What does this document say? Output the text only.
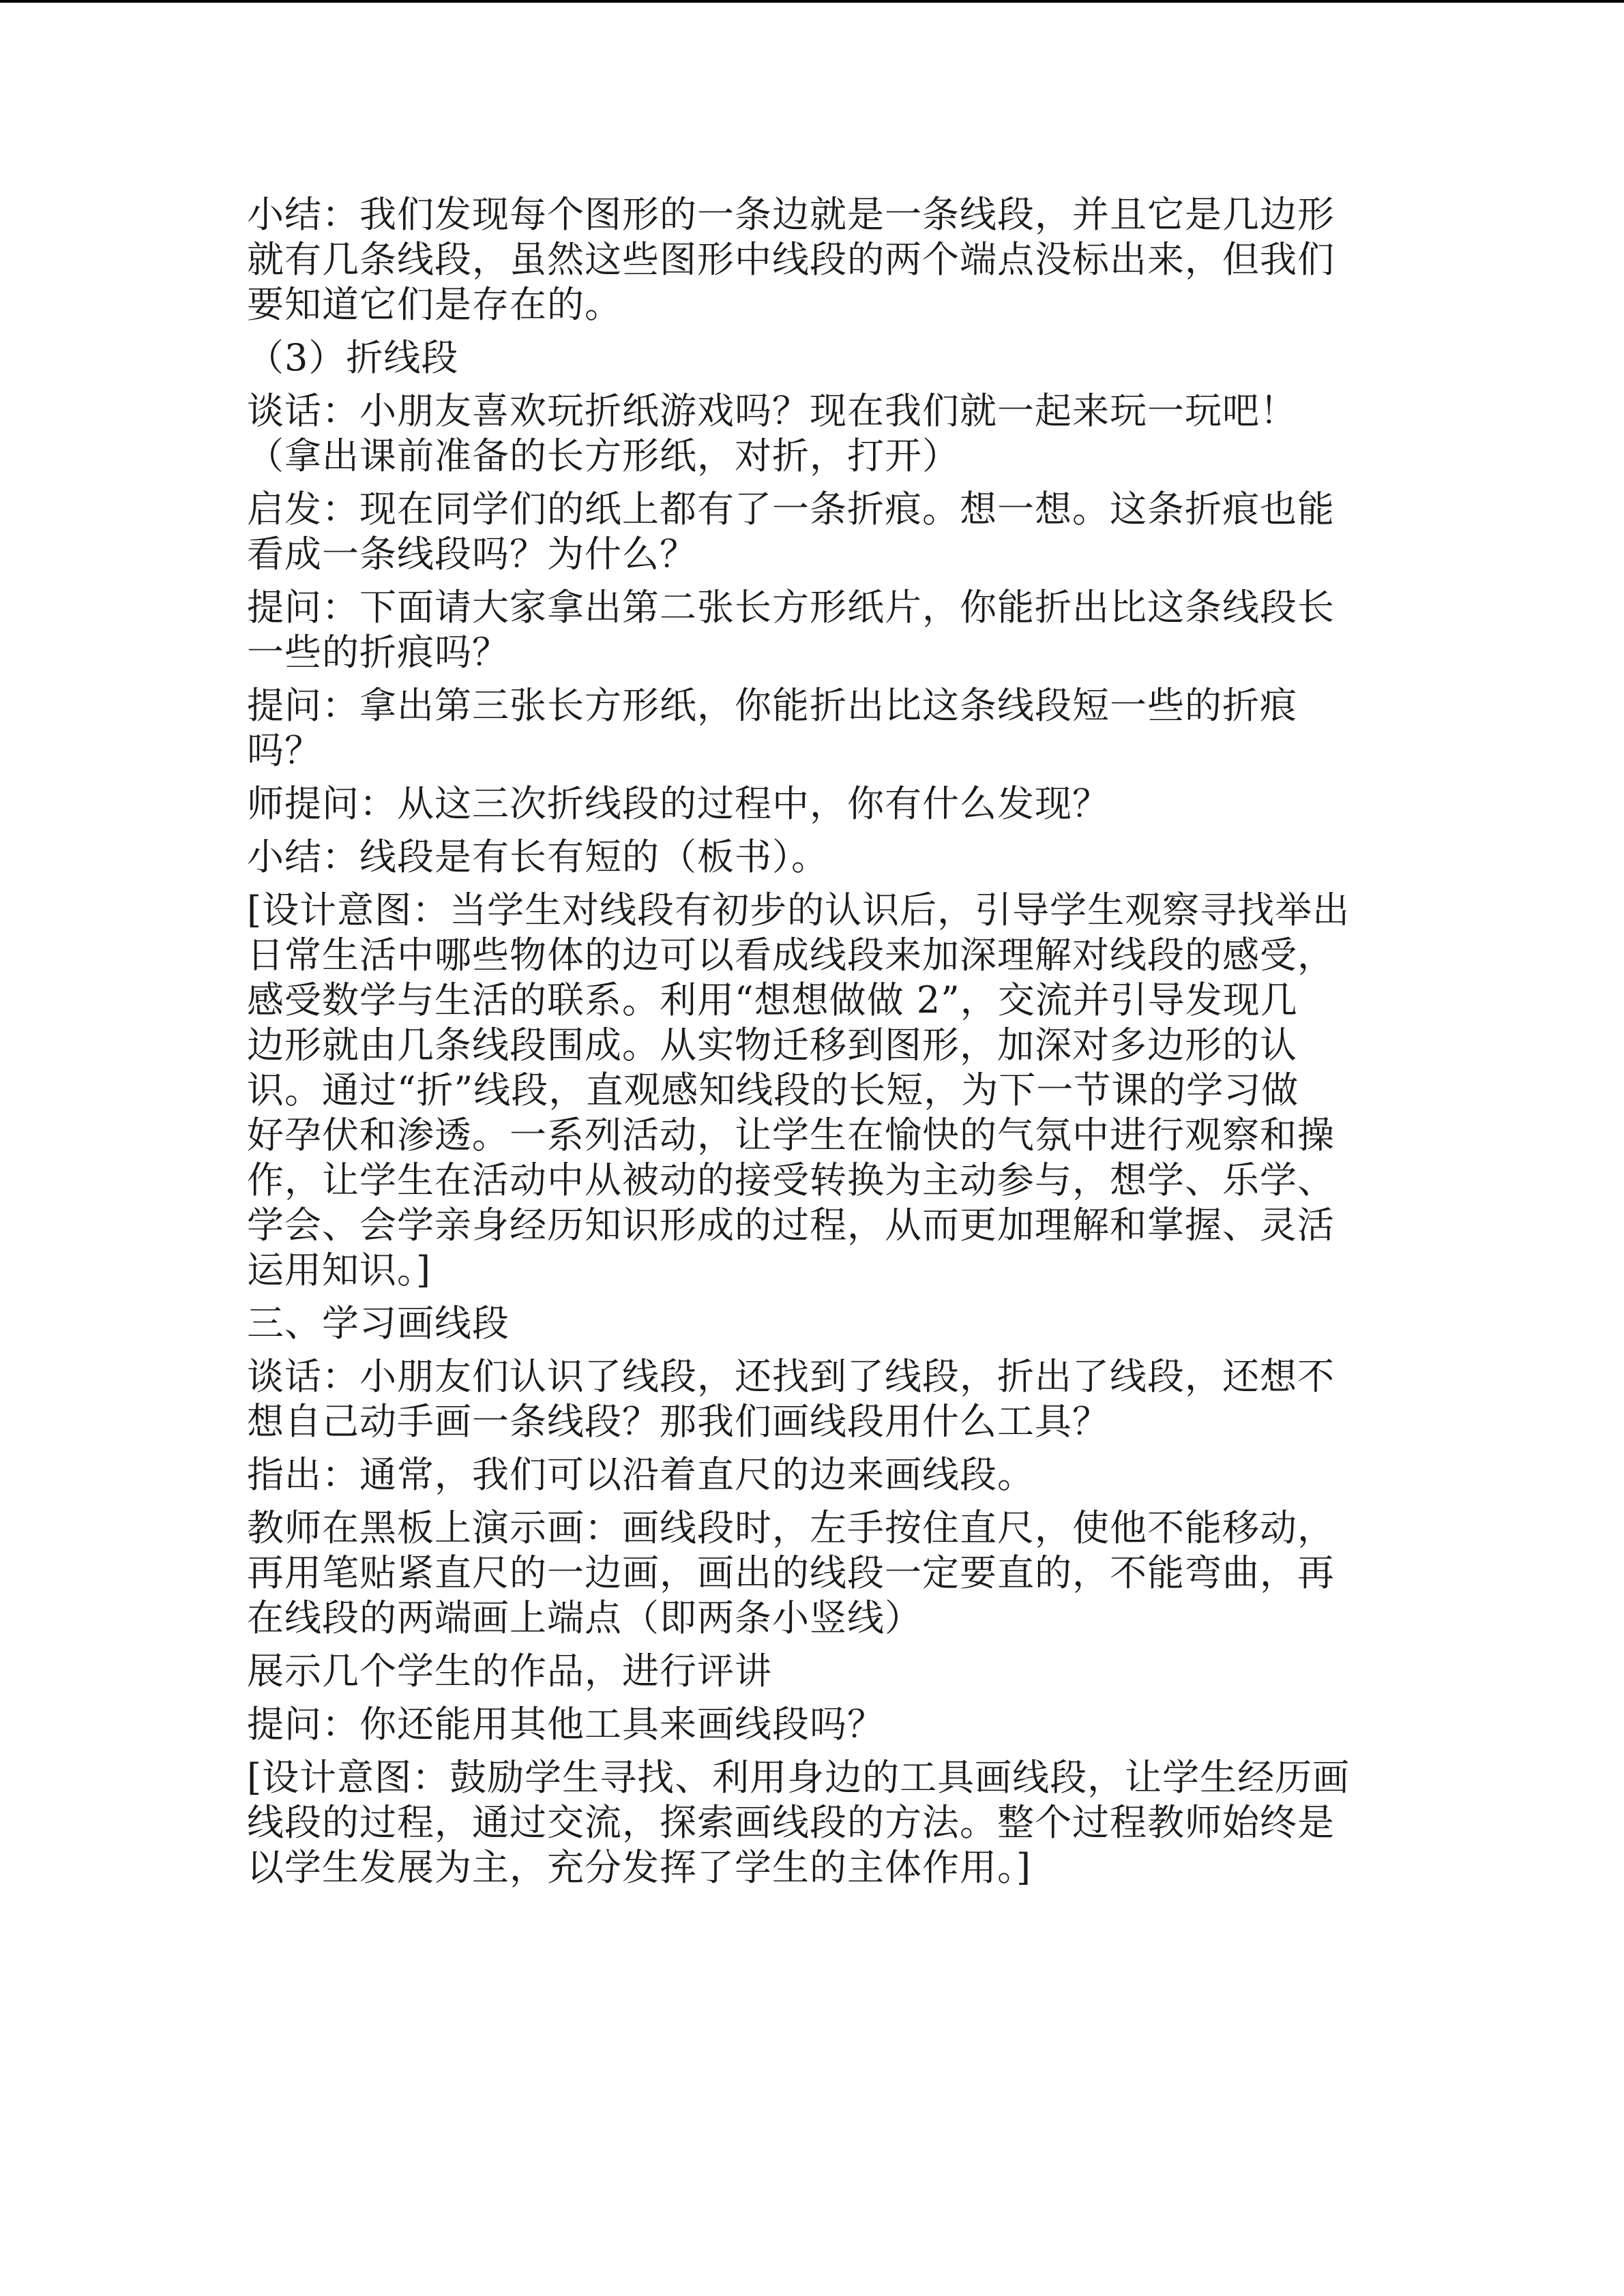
小结：我们发现每个图形的一条边就是一条线段，并且它是几边形
就有几条线段，虽然这些图形中线段的两个端点没标出来，但我们
要知道它们是存在的。
（3）折线段
谈话：小朋友喜欢玩折纸游戏吗？现在我们就一起来玩一玩吧！
（拿出课前准备的长方形纸，对折，打开）
启发：现在同学们的纸上都有了一条折痕。想一想。这条折痕也能
看成一条线段吗？为什么？
提问：下面请大家拿出第二张长方形纸片，你能折出比这条线段长
一些的折痕吗？
提问：拿出第三张长方形纸，你能折出比这条线段短一些的折痕
吗？
师提问：从这三次折线段的过程中，你有什么发现？
小结：线段是有长有短的（板书）。
[设计意图：当学生对线段有初步的认识后，引导学生观察寻找举出
日常生活中哪些物体的边可以看成线段来加深理解对线段的感受，
感受数学与生活的联系。利用“想想做做 2”，交流并引导发现几
边形就由几条线段围成。从实物迁移到图形，加深对多边形的认
识。通过“折”线段，直观感知线段的长短，为下一节课的学习做
好孕伏和渗透。一系列活动，让学生在愉快的气氛中进行观察和操
作，让学生在活动中从被动的接受转换为主动参与，想学、乐学、
学会、会学亲身经历知识形成的过程，从而更加理解和掌握、灵活
运用知识。]
三、学习画线段
谈话：小朋友们认识了线段，还找到了线段，折出了线段，还想不
想自己动手画一条线段？那我们画线段用什么工具？
指出：通常，我们可以沿着直尺的边来画线段。
教师在黑板上演示画：画线段时，左手按住直尺，使他不能移动，
再用笔贴紧直尺的一边画，画出的线段一定要直的，不能弯曲，再
在线段的两端画上端点（即两条小竖线）
展示几个学生的作品，进行评讲
提问：你还能用其他工具来画线段吗？
[设计意图：鼓励学生寻找、利用身边的工具画线段，让学生经历画
线段的过程，通过交流，探索画线段的方法。整个过程教师始终是
以学生发展为主，充分发挥了学生的主体作用。]
